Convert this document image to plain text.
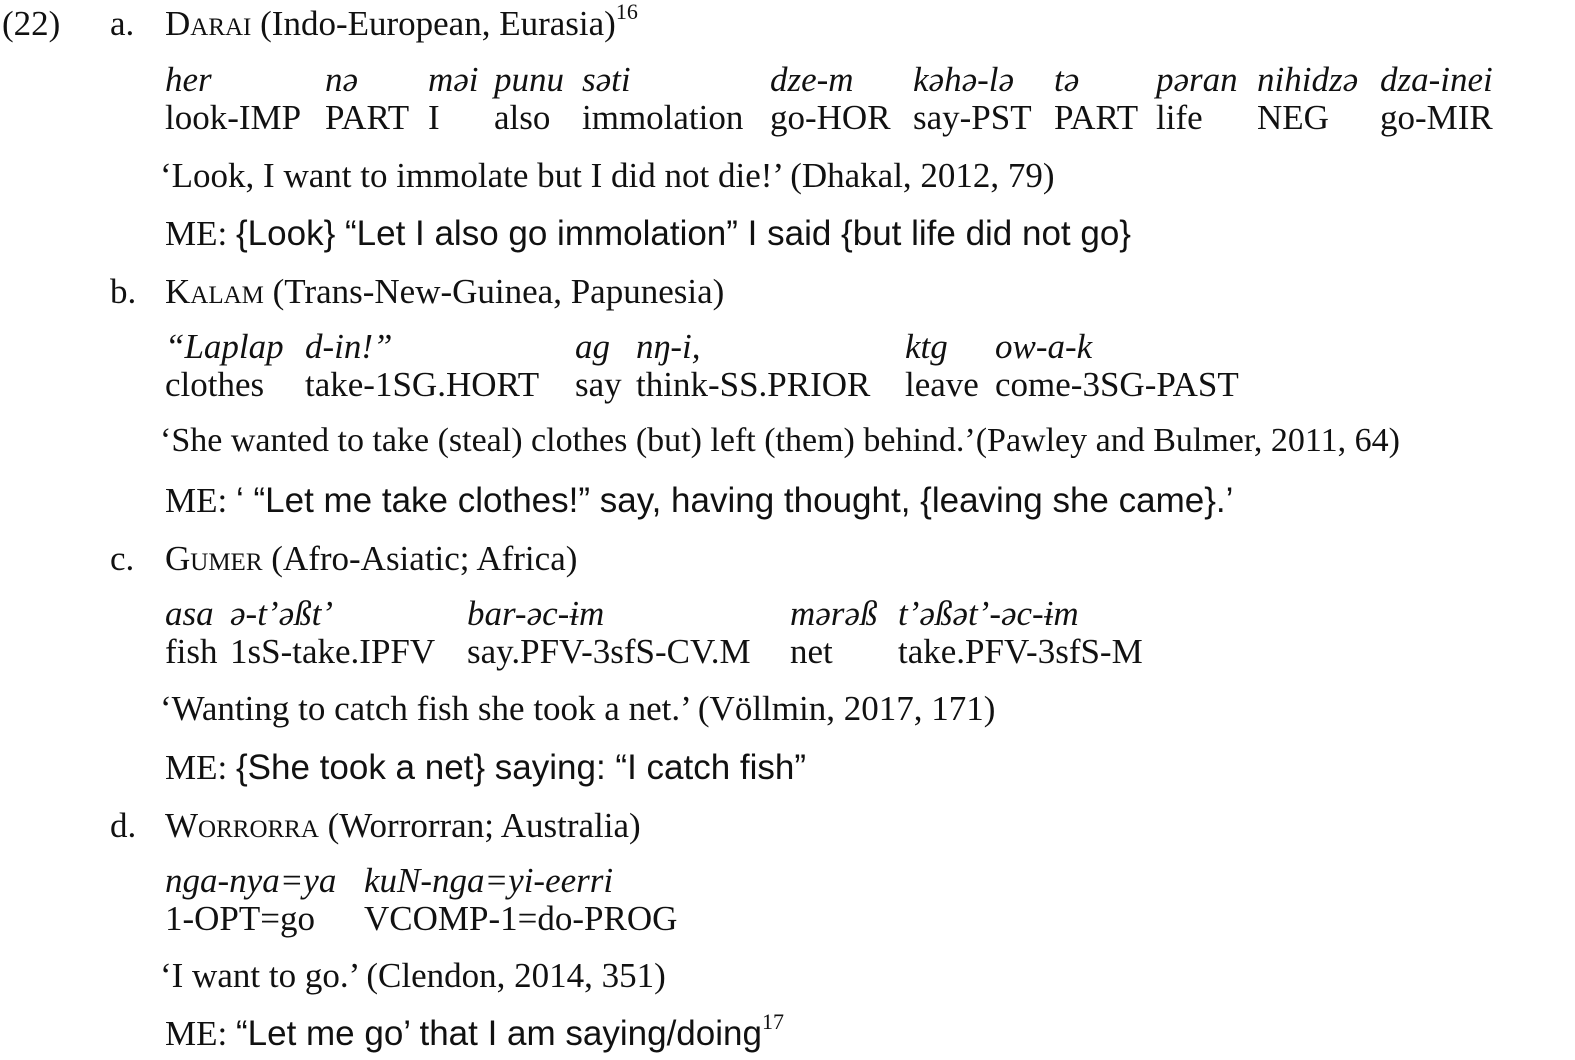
(22) a. Darai (Indo-European, Eurasia)$^{16}$
her
look-IMP
nə
PART
məi
I
punu
also
səti
immolation
dze-m
go-HOR
kəhə-lə
say-PST
tə
PART
pəran
life
nihidzə
NEG
dza-inei
go-MIR
‘Look, I want to immolate but I did not die!’ (Dhakal, 2012, 79)
ME: {Look} “Let I also go immolation” I said {but life did not go}
b. Kalam (Trans-New-Guinea, Papunesia)
“Laplap
clothes
d-in!”
take-1SG.HORT
ag
say
nŋ-i,
think-SS.PRIOR
ktg
leave
ow-a-k
come-3SG-PAST
‘She wanted to take (steal) clothes (but) left (them) behind.’(Pawley and Bulmer, 2011, 64)
ME: ‘ “Let me take clothes!” say, having thought, {leaving she came}.’
c. Gumer (Afro-Asiatic; Africa)
asa
fish
ə-t’əßt’
1sS-take.IPFV
bar-əc-ɨm
say.PFV-3sfS-CV.M
mərəß
net
t’əßət’-əc-ɨm
take.PFV-3sfS-M
‘Wanting to catch fish she took a net.’ (Völlmin, 2017, 171)
ME: {She took a net} saying: “I catch fish”
d. Worrorra (Worrorran; Australia)
nga-nya=ya
1-OPT=go
kuN-nga=yi-eerri
VCOMP-1=do-PROG
‘I want to go.’ (Clendon, 2014, 351)
ME: “Let me go’ that I am saying/doing$^{17}$
